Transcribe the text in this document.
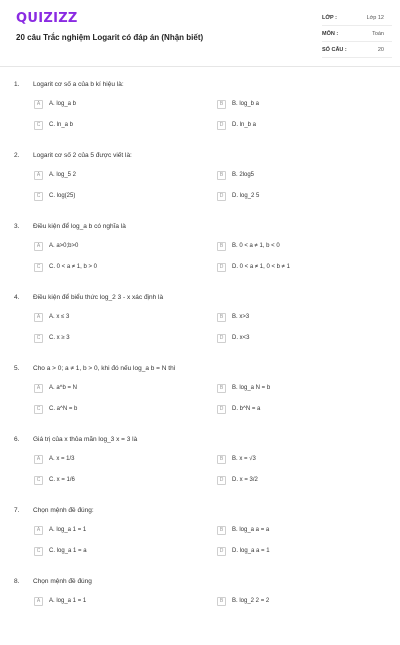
QUIZIZZ
20 câu Trắc nghiệm Logarit có đáp án (Nhận biết)
LỚP :	Lớp 12
MÔN :	Toán
SỐ CÂU :	20
1.	Logarit cơ số a của b kí hiệu là:
A	A. log_a b	B	B. log_b a
C	C. ln_a b	D	D. ln_b a
2.	Logarit cơ số 2 của 5 được viết là:
A	A. log_5 2	B	B. 2log5
C	C. log(25)	D	D. log_2 5
3.	Điều kiện để log_a b có nghĩa là
A	A. a>0;b>0	B	B. 0 < a ≠ 1, b < 0
C	C. 0 < a ≠ 1, b > 0	D	D. 0 < a ≠ 1, 0 < b ≠ 1
4.	Điều kiện để biểu thức log_2 3 - x xác định là
A	A. x ≤ 3	B	B. x>3
C	C. x ≥ 3	D	D. x<3
5.	Cho a > 0; a ≠ 1, b > 0, khi đó nếu log_a b = N thì
A	A. a^b = N	B	B. log_a N = b
C	C. a^N = b	D	D. b^N = a
6.	Giá trị của x thỏa mãn log_3 x = 3 là
A	A. x = 1/3	B	B. x = √3
C	C. x = 1/6	D	D. x = 3/2
7.	Chọn mệnh đề đúng:
A	A. log_a 1 = 1	B	B. log_a a = a
C	C. log_a 1 = a	D	D. log_a a = 1
8.	Chọn mệnh đề đúng
A	A. log_a 1 = 1	B	B. log_2 2 = 2
